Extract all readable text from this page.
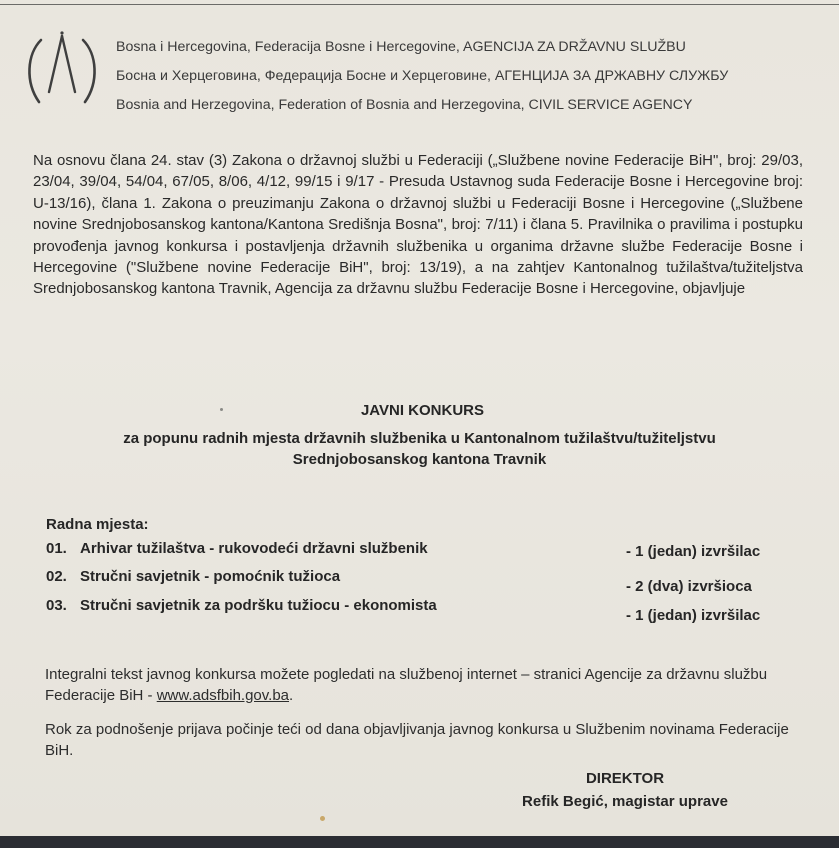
Bosna i Hercegovina, Federacija Bosne i Hercegovine, AGENCIJA ZA DRŽAVNU SLUŽBU
Босна и Херцеговина, Федерација Босне и Херцеговине, АГЕНЦИЈА ЗА ДРЖАВНУ СЛУЖБУ
Bosnia and Herzegovina, Federation of Bosnia and Herzegovina, CIVIL SERVICE AGENCY
Na osnovu člana 24. stav (3) Zakona o državnoj službi u Federaciji („Službene novine Federacije BiH", broj: 29/03, 23/04, 39/04, 54/04, 67/05, 8/06, 4/12, 99/15 i 9/17 - Presuda Ustavnog suda Federacije Bosne i Hercegovine broj: U-13/16), člana 1. Zakona o preuzimanju Zakona o državnoj službi u Federaciji Bosne i Hercegovine („Službene novine Srednjobosanskog kantona/Kantona Središnja Bosna", broj: 7/11) i člana 5. Pravilnika o pravilima i postupku provođenja javnog konkursa i postavljenja državnih službenika u organima državne službe Federacije Bosne i Hercegovine ("Službene novine Federacije BiH", broj: 13/19), a na zahtjev Kantonalnog tužilaštva/tužiteljstva Srednjobosanskog kantona Travnik, Agencija za državnu službu Federacije Bosne i Hercegovine, objavljuje
JAVNI KONKURS
za popunu radnih mjesta državnih službenika u Kantonalnom tužilaštvu/tužiteljstvu
Srednjobosanskog kantona Travnik
Radna mjesta:
01. Arhivar tužilaštva - rukovodeći državni službenik	- 1 (jedan) izvršilac
02. Stručni savjetnik - pomoćnik tužioca
- 2 (dva) izvršioca
03. Stručni savjetnik za podršku tužiocu - ekonomista
- 1 (jedan) izvršilac
Integralni tekst javnog konkursa možete pogledati na službenoj internet – stranici Agencije za državnu službu Federacije BiH - www.adsfbih.gov.ba.
Rok za podnošenje prijava počinje teći od dana objavljivanja javnog konkursa u Službenim novinama Federacije BiH.
DIREKTOR
Refik Begić, magistar uprave
